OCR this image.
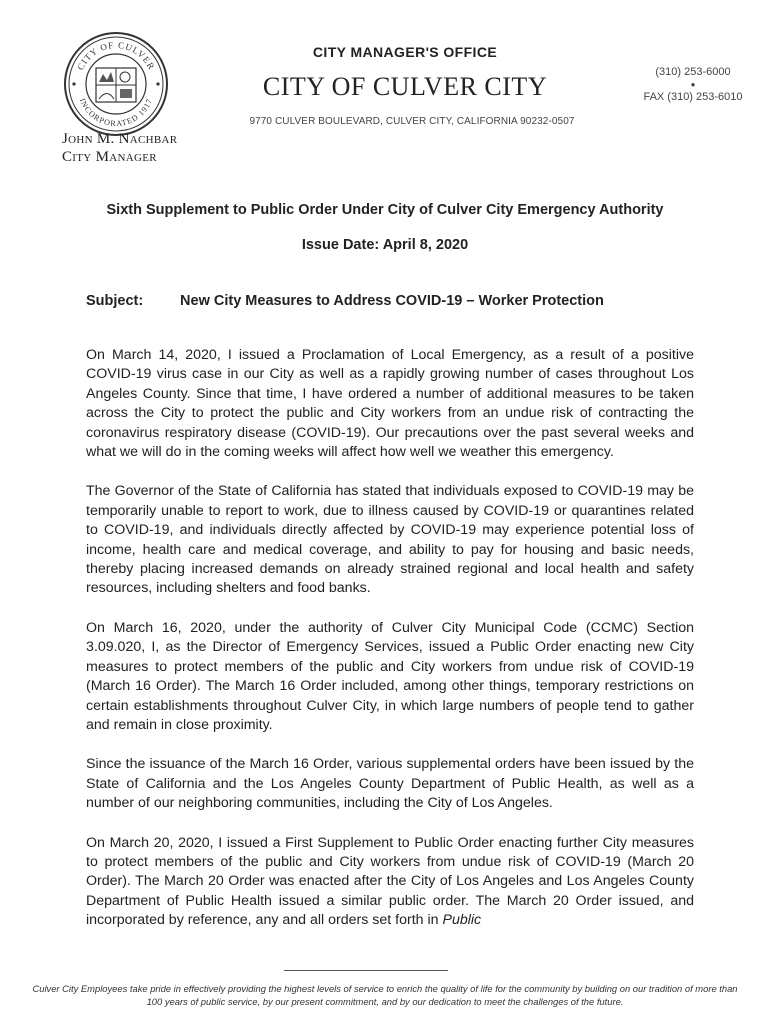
CITY OF CULVER
INCORPORATED 1917
John M. Nachbar
City Manager
CITY MANAGER'S OFFICE
CITY OF CULVER CITY
9770 CULVER BOULEVARD, CULVER CITY, CALIFORNIA 90232-0507
(310) 253-6000
●
FAX (310) 253-6010
Sixth Supplement to Public Order Under City of Culver City Emergency Authority
Issue Date: April 8, 2020
Subject:	New City Measures to Address COVID-19 – Worker Protection

On March 14, 2020, I issued a Proclamation of Local Emergency, as a result of a positive COVID-19 virus case in our City as well as a rapidly growing number of cases throughout Los Angeles County. Since that time, I have ordered a number of additional measures to be taken across the City to protect the public and City workers from an undue risk of contracting the coronavirus respiratory disease (COVID-19). Our precautions over the past several weeks and what we will do in the coming weeks will affect how well we weather this emergency.

The Governor of the State of California has stated that individuals exposed to COVID-19 may be temporarily unable to report to work, due to illness caused by COVID-19 or quarantines related to COVID-19, and individuals directly affected by COVID-19 may experience potential loss of income, health care and medical coverage, and ability to pay for housing and basic needs, thereby placing increased demands on already strained regional and local health and safety resources, including shelters and food banks.

On March 16, 2020, under the authority of Culver City Municipal Code (CCMC) Section 3.09.020, I, as the Director of Emergency Services, issued a Public Order enacting new City measures to protect members of the public and City workers from undue risk of COVID-19 (March 16 Order). The March 16 Order included, among other things, temporary restrictions on certain establishments throughout Culver City, in which large numbers of people tend to gather and remain in close proximity.

Since the issuance of the March 16 Order, various supplemental orders have been issued by the State of California and the Los Angeles County Department of Public Health, as well as a number of our neighboring communities, including the City of Los Angeles.

On March 20, 2020, I issued a First Supplement to Public Order enacting further City measures to protect members of the public and City workers from undue risk of COVID-19 (March 20 Order). The March 20 Order was enacted after the City of Los Angeles and Los Angeles County Department of Public Health issued a similar public order. The March 20 Order issued, and incorporated by reference, any and all orders set forth in Public

Culver City Employees take pride in effectively providing the highest levels of service to enrich the quality of life for the community by building on our tradition of more than 100 years of public service, by our present commitment, and by our dedication to meet the challenges of the future.
